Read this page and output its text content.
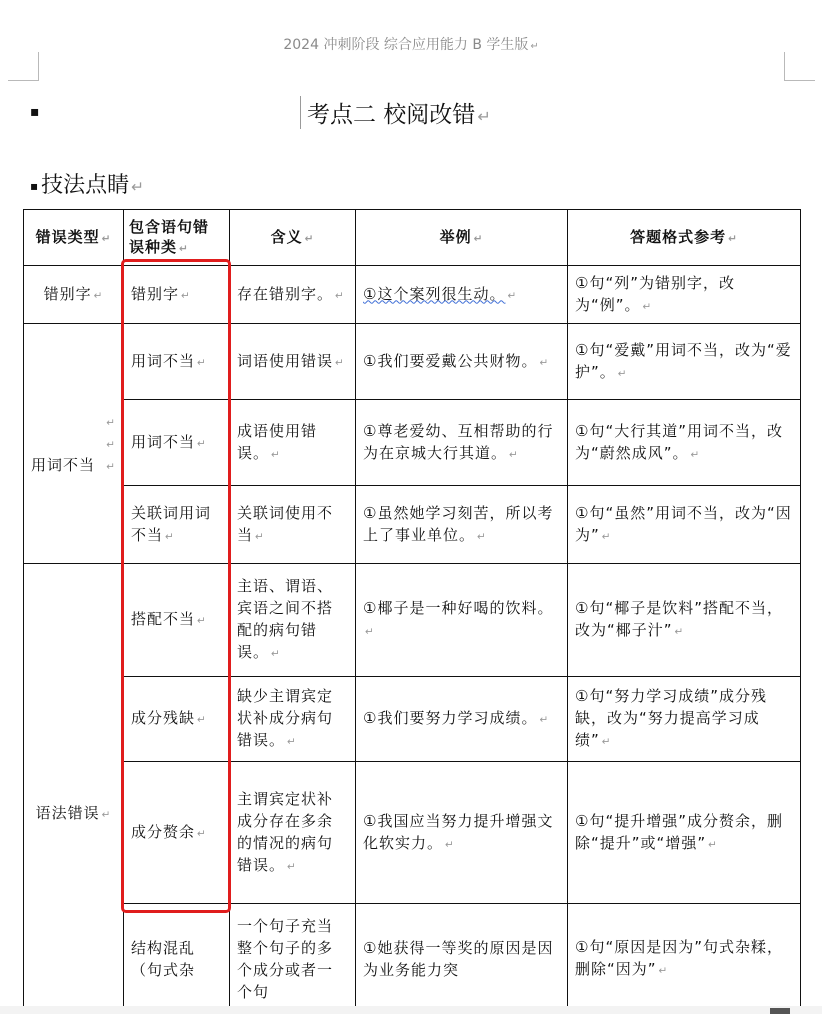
2024 冲刺阶段 综合应用能力 B 学生版 ↵
▪	考点二 校阅改错 ↵
▪ 技法点睛 ↵
错误类型 ↵	包含语句错误种类 ↵	含义 ↵	举例 ↵	答题格式参考 ↵
错别字 ↵	错别字 ↵	存在错别字。 ↵	①这个案列很生动。 ↵	①句“列”为错别字，改为“例”。 ↵
↵
↵

用词不当 ↵	用词不当 ↵	词语使用错误 ↵	①我们要爱戴公共财物。 ↵	①句“爱戴”用词不当，改为“爱护”。 ↵
	用词不当 ↵	成语使用错误。 ↵	①尊老爱幼、互相帮助的行为在京城大行其道。 ↵	①句“大行其道”用词不当，改为“蔚然成风”。 ↵
	关联词用词不当 ↵	关联词使用不当 ↵	①虽然她学习刻苦，所以考上了事业单位。 ↵	①句“虽然”用词不当，改为“因为” ↵
语法错误 ↵	搭配不当 ↵	主语、谓语、宾语之间不搭配的病句错误。 ↵	①椰子是一种好喝的饮料。↵	①句“椰子是饮料”搭配不当，改为“椰子汁” ↵
	成分残缺 ↵	缺少主谓宾定状补成分病句错误。 ↵	①我们要努力学习成绩。 ↵	①句“努力学习成绩”成分残缺，改为“努力提高学习成绩” ↵
	成分赘余 ↵	主谓宾定状补成分存在多余的情况的病句错误。 ↵	①我国应当努力提升增强文化软实力。 ↵	①句“提升增强”成分赘余，删除“提升”或“增强” ↵
	结构混乱（句式杂	一个句子充当整个句子的多个成分或者一个句	①她获得一等奖的原因是因为业务能力突	①句“原因是因为”句式杂糅，删除“因为” ↵
